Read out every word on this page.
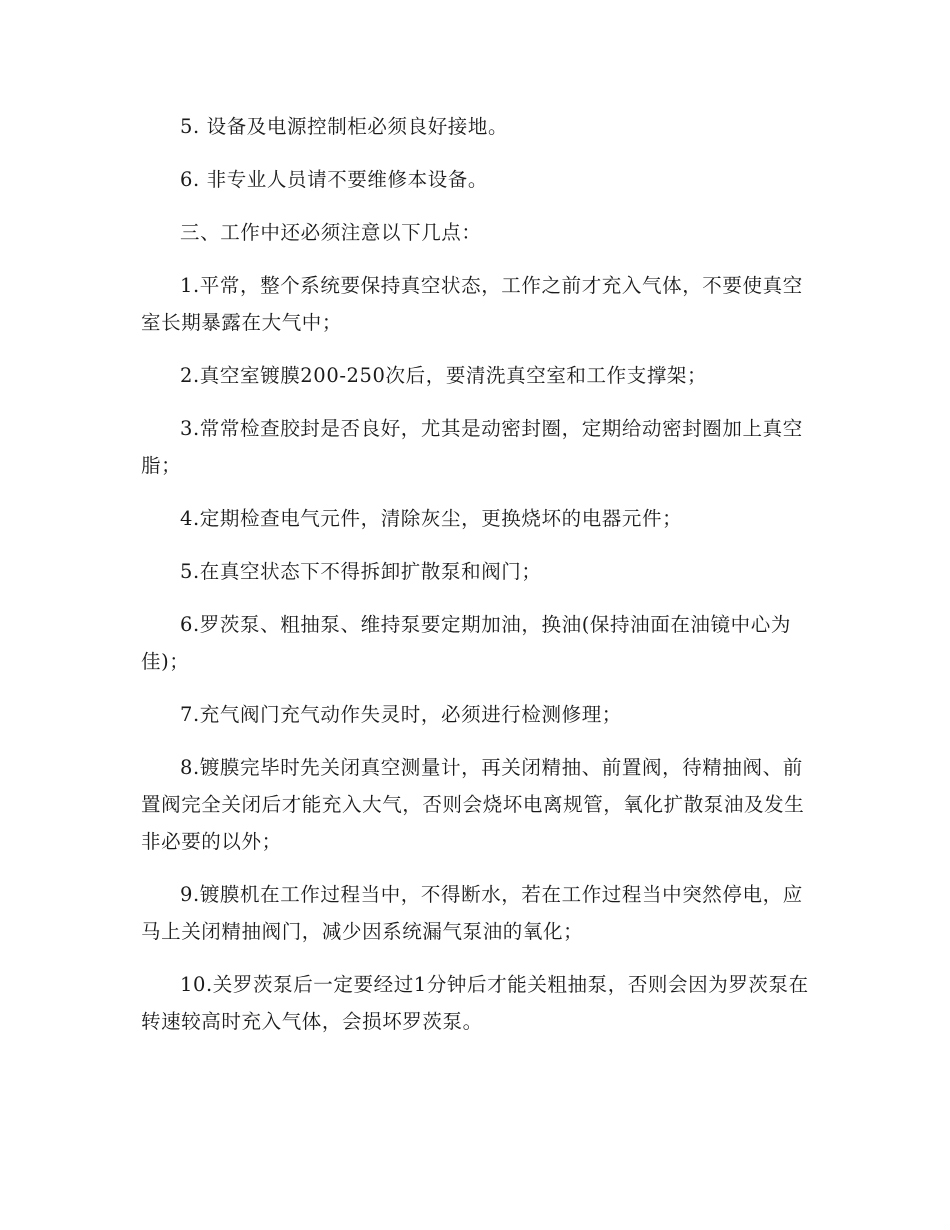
5. 设备及电源控制柜必须良好接地。

6. 非专业人员请不要维修本设备。

三、工作中还必须注意以下几点：

1.平常，整个系统要保持真空状态，工作之前才充入气体，不要使真空室长期暴露在大气中；

2.真空室镀膜200-250次后，要清洗真空室和工作支撑架；

3.常常检查胶封是否良好，尤其是动密封圈，定期给动密封圈加上真空脂；

4.定期检查电气元件，清除灰尘，更换烧坏的电器元件；

5.在真空状态下不得拆卸扩散泵和阀门；

6.罗茨泵、粗抽泵、维持泵要定期加油，换油(保持油面在油镜中心为佳)；

7.充气阀门充气动作失灵时，必须进行检测修理；

8.镀膜完毕时先关闭真空测量计，再关闭精抽、前置阀，待精抽阀、前置阀完全关闭后才能充入大气，否则会烧坏电离规管，氧化扩散泵油及发生非必要的以外；

9.镀膜机在工作过程当中，不得断水，若在工作过程当中突然停电，应马上关闭精抽阀门，减少因系统漏气泵油的氧化；

10.关罗茨泵后一定要经过1分钟后才能关粗抽泵，否则会因为罗茨泵在转速较高时充入气体，会损坏罗茨泵。
